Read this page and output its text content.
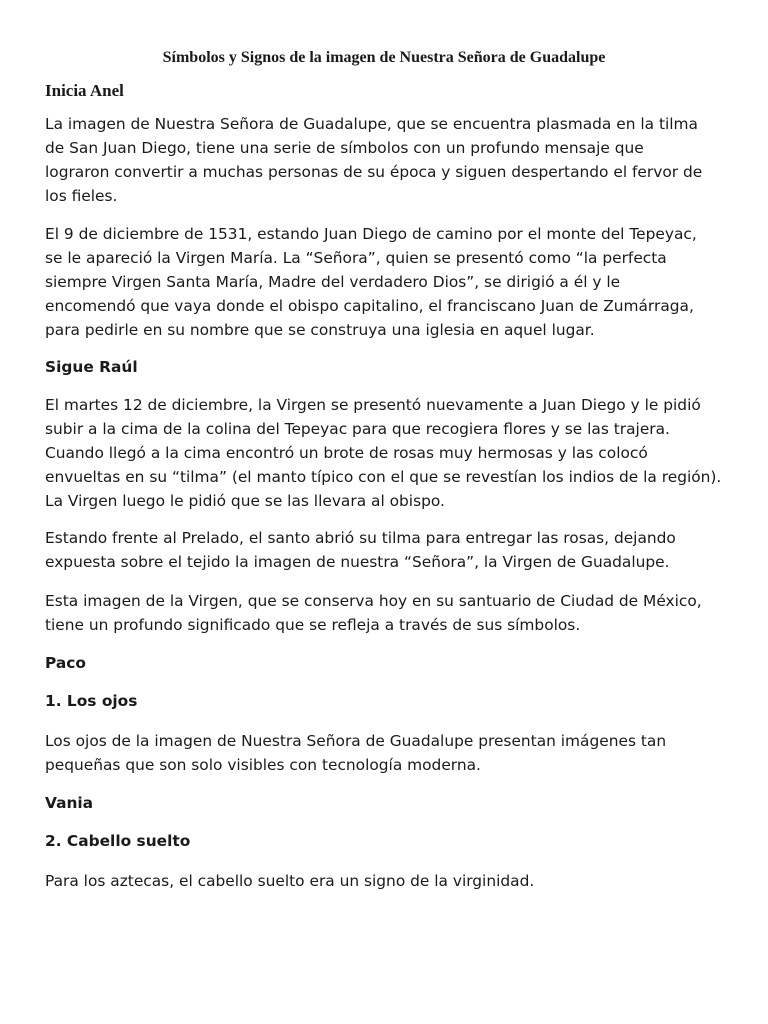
Símbolos y Signos de la imagen de Nuestra Señora de Guadalupe

Inicia Anel

La imagen de Nuestra Señora de Guadalupe, que se encuentra plasmada en la tilma
de San Juan Diego, tiene una serie de símbolos con un profundo mensaje que
lograron convertir a muchas personas de su época y siguen despertando el fervor de
los fieles.

El 9 de diciembre de 1531, estando Juan Diego de camino por el monte del Tepeyac,
se le apareció la Virgen María. La “Señora”, quien se presentó como “la perfecta
siempre Virgen Santa María, Madre del verdadero Dios”, se dirigió a él y le
encomendó que vaya donde el obispo capitalino, el franciscano Juan de Zumárraga,
para pedirle en su nombre que se construya una iglesia en aquel lugar.

Sigue Raúl

El martes 12 de diciembre, la Virgen se presentó nuevamente a Juan Diego y le pidió
subir a la cima de la colina del Tepeyac para que recogiera flores y se las trajera.
Cuando llegó a la cima encontró un brote de rosas muy hermosas y las colocó
envueltas en su “tilma” (el manto típico con el que se revestían los indios de la región).
La Virgen luego le pidió que se las llevara al obispo.

Estando frente al Prelado, el santo abrió su tilma para entregar las rosas, dejando
expuesta sobre el tejido la imagen de nuestra “Señora”, la Virgen de Guadalupe.

Esta imagen de la Virgen, que se conserva hoy en su santuario de Ciudad de México,
tiene un profundo significado que se refleja a través de sus símbolos.

Paco

1. Los ojos

Los ojos de la imagen de Nuestra Señora de Guadalupe presentan imágenes tan
pequeñas que son solo visibles con tecnología moderna.

Vania

2. Cabello suelto

Para los aztecas, el cabello suelto era un signo de la virginidad.
